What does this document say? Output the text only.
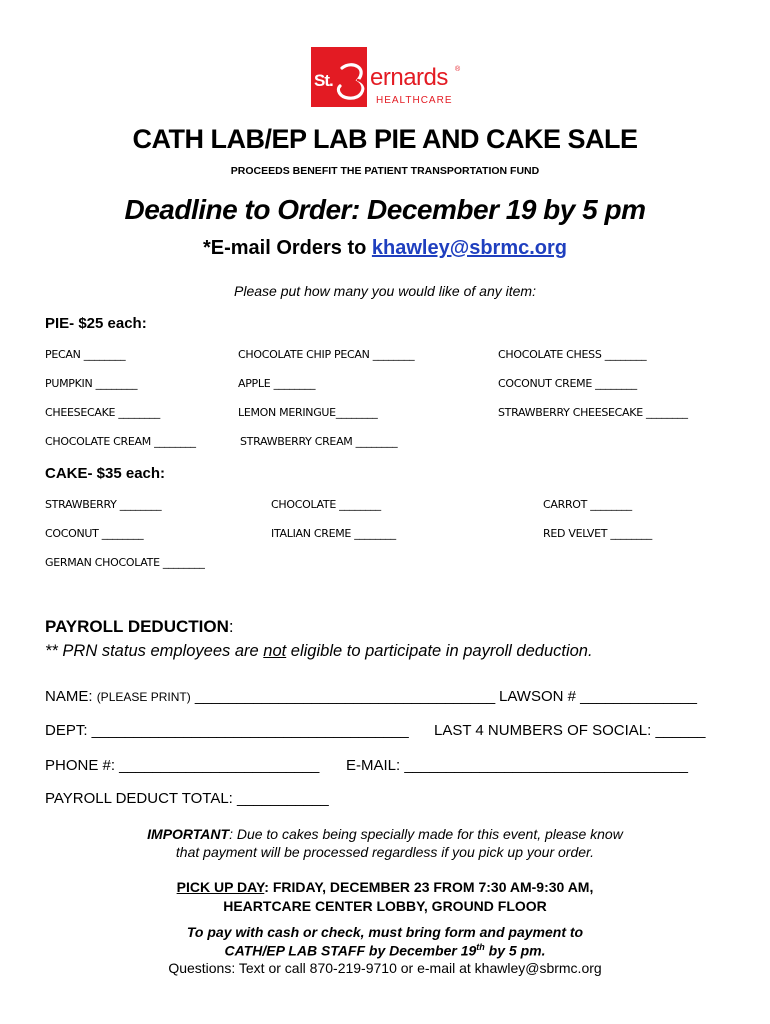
St. ernards ®
HEALTHCARE
CATH LAB/EP LAB PIE AND CAKE SALE
PROCEEDS BENEFIT THE PATIENT TRANSPORTATION FUND
Deadline to Order: December 19 by 5 pm
*E-mail Orders to khawley@sbrmc.org
Please put how many you would like of any item:
PIE- $25 each:
PECAN ________	CHOCOLATE CHIP PECAN ________	CHOCOLATE CHESS ________
PUMPKIN ________	APPLE ________	COCONUT CREME ________
CHEESECAKE ________	LEMON MERINGUE________	STRAWBERRY CHEESECAKE ________
CHOCOLATE CREAM ________	STRAWBERRY CREAM ________
CAKE- $35 each:
STRAWBERRY ________	CHOCOLATE ________	CARROT ________
COCONUT ________	ITALIAN CREME ________	RED VELVET ________
GERMAN CHOCOLATE ________
PAYROLL DEDUCTION:
** PRN status employees are not eligible to participate in payroll deduction.
NAME: (PLEASE PRINT) ____________________________________ LAWSON # ______________
DEPT: ______________________________________ LAST 4 NUMBERS OF SOCIAL: ______
PHONE #: ________________________ E-MAIL: __________________________________
PAYROLL DEDUCT TOTAL: ___________
IMPORTANT: Due to cakes being specially made for this event, please know
that payment will be processed regardless if you pick up your order.
PICK UP DAY: FRIDAY, DECEMBER 23 FROM 7:30 AM-9:30 AM,
HEARTCARE CENTER LOBBY, GROUND FLOOR
To pay with cash or check, must bring form and payment to
CATH/EP LAB STAFF by December 19th by 5 pm.
Questions: Text or call 870-219-9710 or e-mail at khawley@sbrmc.org
